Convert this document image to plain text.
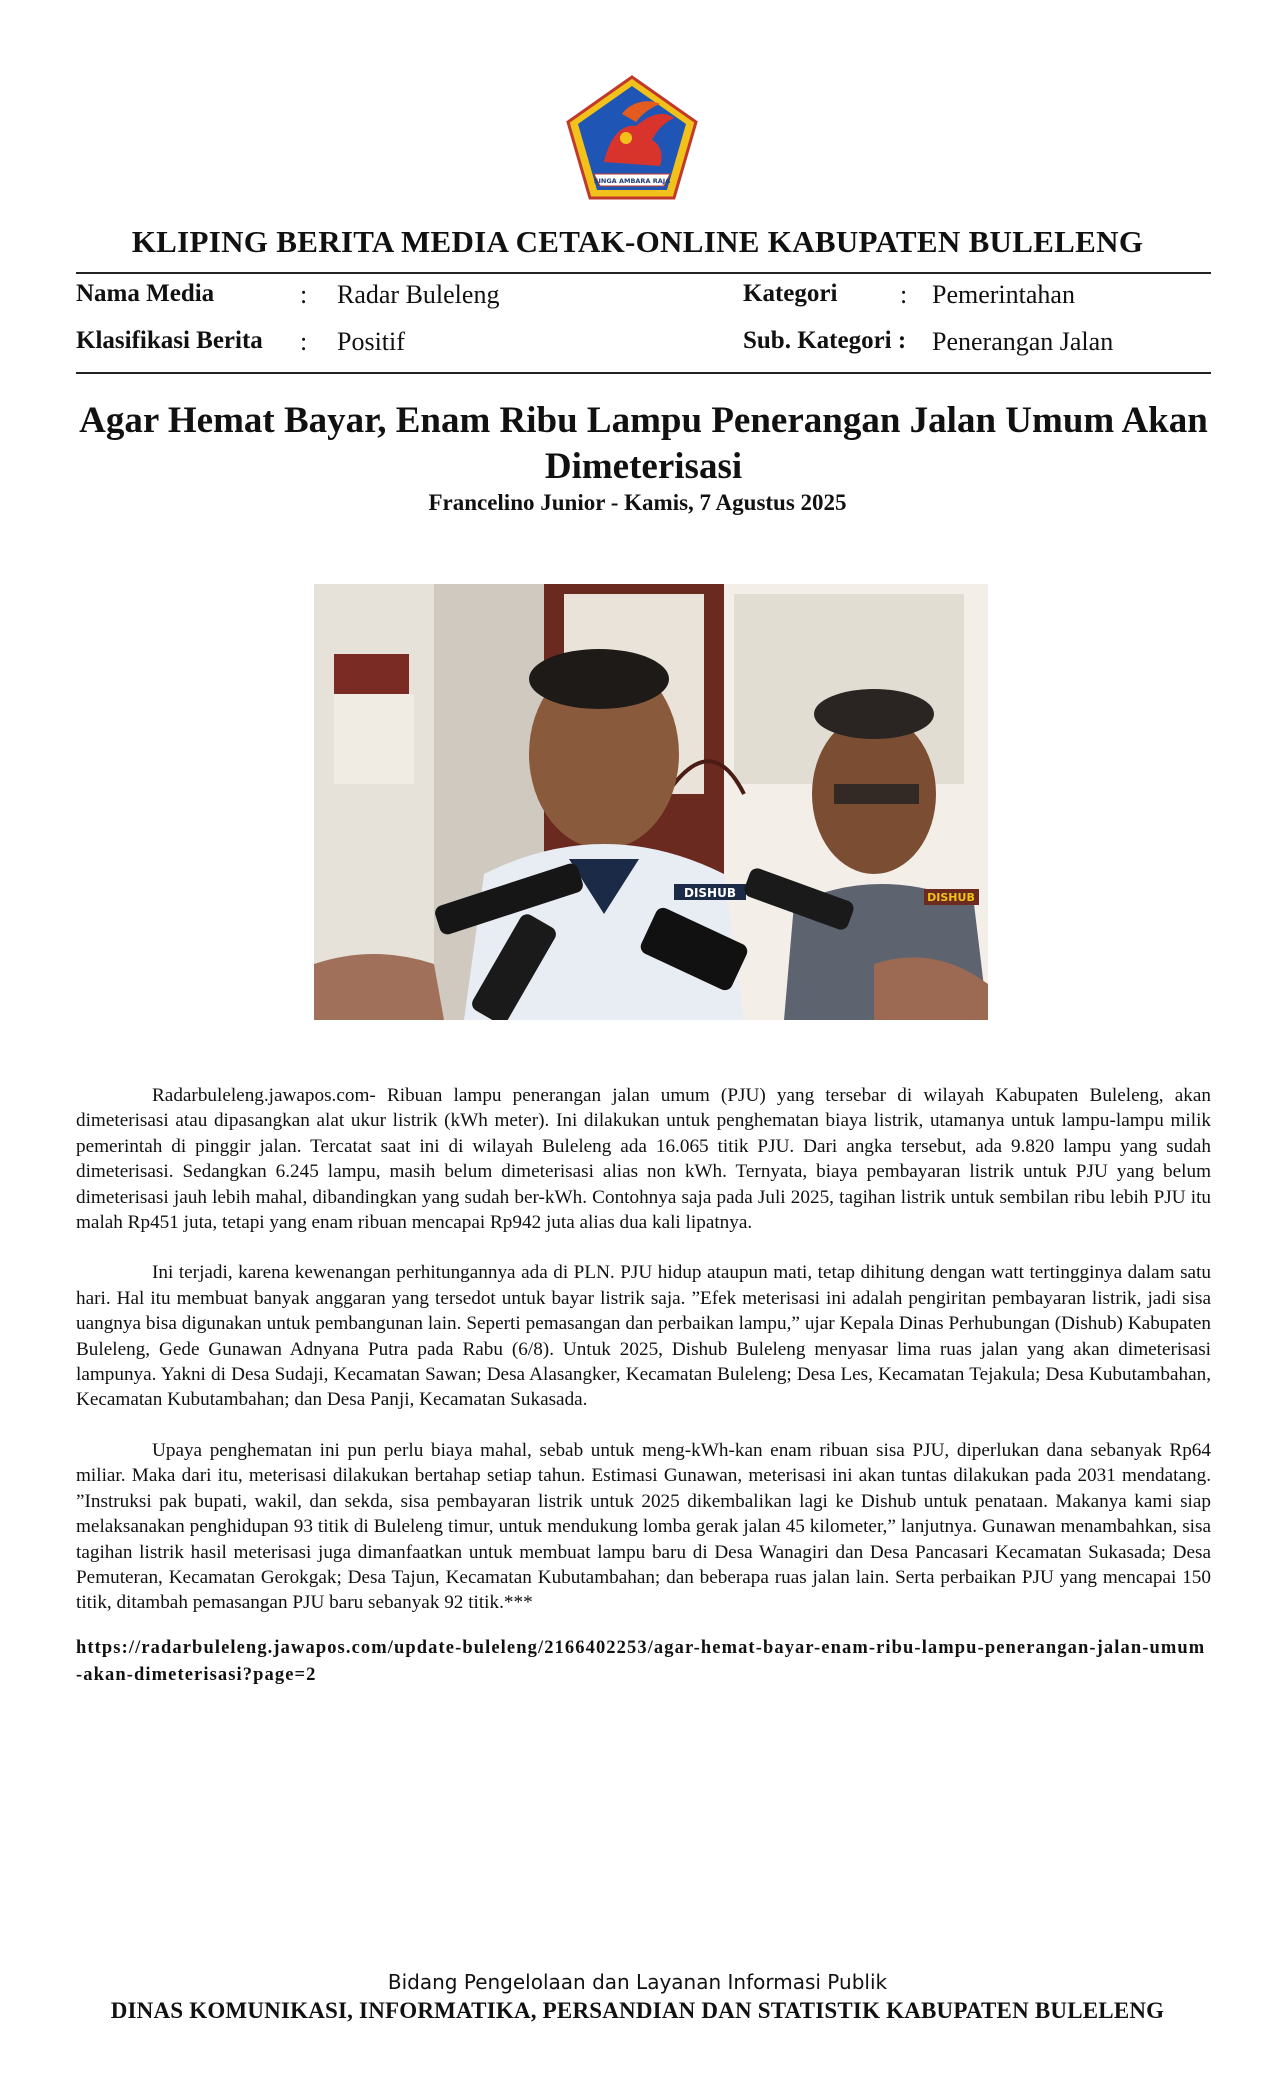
SINGA AMBARA RAJA
KLIPING BERITA MEDIA CETAK-ONLINE KABUPATEN BULELENG
Nama Media	: Radar Buleleng	Kategori : Pemerintahan
Klasifikasi Berita : Positif	Sub. Kategori : Penerangan Jalan
Agar Hemat Bayar, Enam Ribu Lampu Penerangan Jalan Umum Akan Dimeterisasi
Francelino Junior - Kamis, 7 Agustus 2025
DISHUB	DISHUB

Radarbuleleng.jawapos.com- Ribuan lampu penerangan jalan umum (PJU) yang tersebar di wilayah Kabupaten Buleleng, akan dimeterisasi atau dipasangkan alat ukur listrik (kWh meter). Ini dilakukan untuk penghematan biaya listrik, utamanya untuk lampu-lampu milik pemerintah di pinggir jalan. Tercatat saat ini di wilayah Buleleng ada 16.065 titik PJU. Dari angka tersebut, ada 9.820 lampu yang sudah dimeterisasi. Sedangkan 6.245 lampu, masih belum dimeterisasi alias non kWh. Ternyata, biaya pembayaran listrik untuk PJU yang belum dimeterisasi jauh lebih mahal, dibandingkan yang sudah ber-kWh. Contohnya saja pada Juli 2025, tagihan listrik untuk sembilan ribu lebih PJU itu malah Rp451 juta, tetapi yang enam ribuan mencapai Rp942 juta alias dua kali lipatnya.

Ini terjadi, karena kewenangan perhitungannya ada di PLN. PJU hidup ataupun mati, tetap dihitung dengan watt tertingginya dalam satu hari. Hal itu membuat banyak anggaran yang tersedot untuk bayar listrik saja. ”Efek meterisasi ini adalah pengiritan pembayaran listrik, jadi sisa uangnya bisa digunakan untuk pembangunan lain. Seperti pemasangan dan perbaikan lampu,” ujar Kepala Dinas Perhubungan (Dishub) Kabupaten Buleleng, Gede Gunawan Adnyana Putra pada Rabu (6/8). Untuk 2025, Dishub Buleleng menyasar lima ruas jalan yang akan dimeterisasi lampunya. Yakni di Desa Sudaji, Kecamatan Sawan; Desa Alasangker, Kecamatan Buleleng; Desa Les, Kecamatan Tejakula; Desa Kubutambahan, Kecamatan Kubutambahan; dan Desa Panji, Kecamatan Sukasada.

Upaya penghematan ini pun perlu biaya mahal, sebab untuk meng-kWh-kan enam ribuan sisa PJU, diperlukan dana sebanyak Rp64 miliar. Maka dari itu, meterisasi dilakukan bertahap setiap tahun. Estimasi Gunawan, meterisasi ini akan tuntas dilakukan pada 2031 mendatang. ”Instruksi pak bupati, wakil, dan sekda, sisa pembayaran listrik untuk 2025 dikembalikan lagi ke Dishub untuk penataan. Makanya kami siap melaksanakan penghidupan 93 titik di Buleleng timur, untuk mendukung lomba gerak jalan 45 kilometer,” lanjutnya. Gunawan menambahkan, sisa tagihan listrik hasil meterisasi juga dimanfaatkan untuk membuat lampu baru di Desa Wanagiri dan Desa Pancasari Kecamatan Sukasada; Desa Pemuteran, Kecamatan Gerokgak; Desa Tajun, Kecamatan Kubutambahan; dan beberapa ruas jalan lain. Serta perbaikan PJU yang mencapai 150 titik, ditambah pemasangan PJU baru sebanyak 92 titik.***

https://radarbuleleng.jawapos.com/update-buleleng/2166402253/agar-hemat-bayar-enam-ribu-lampu-penerangan-jalan-umum-akan-dimeterisasi?page=2
Bidang Pengelolaan dan Layanan Informasi Publik
DINAS KOMUNIKASI, INFORMATIKA, PERSANDIAN DAN STATISTIK KABUPATEN BULELENG
